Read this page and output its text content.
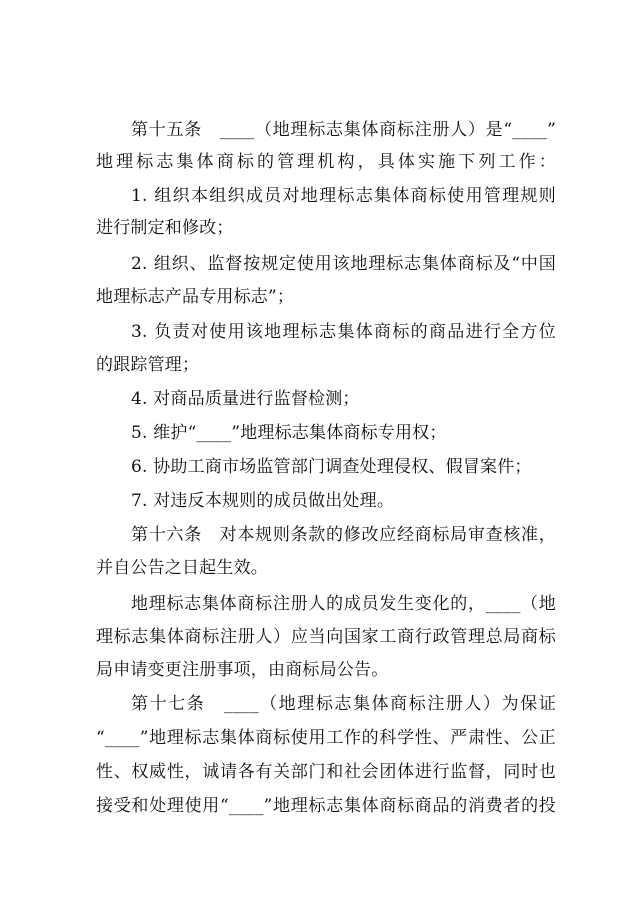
第十五条　____（地理标志集体商标注册人）是“____”
地理标志集体商标的管理机构，具体实施下列工作：
1. 组织本组织成员对地理标志集体商标使用管理规则
进行制定和修改；
2. 组织、监督按规定使用该地理标志集体商标及“中国
地理标志产品专用标志”；
3. 负责对使用该地理标志集体商标的商品进行全方位
的跟踪管理；
4. 对商品质量进行监督检测；
5. 维护“____”地理标志集体商标专用权；
6. 协助工商市场监管部门调查处理侵权、假冒案件；
7. 对违反本规则的成员做出处理。
第十六条　对本规则条款的修改应经商标局审查核准，
并自公告之日起生效。
地理标志集体商标注册人的成员发生变化的，____（地
理标志集体商标注册人）应当向国家工商行政管理总局商标
局申请变更注册事项，由商标局公告。
第十七条　____（地理标志集体商标注册人）为保证
“____”地理标志集体商标使用工作的科学性、严肃性、公正
性、权威性，诚请各有关部门和社会团体进行监督，同时也
接受和处理使用“____”地理标志集体商标商品的消费者的投
